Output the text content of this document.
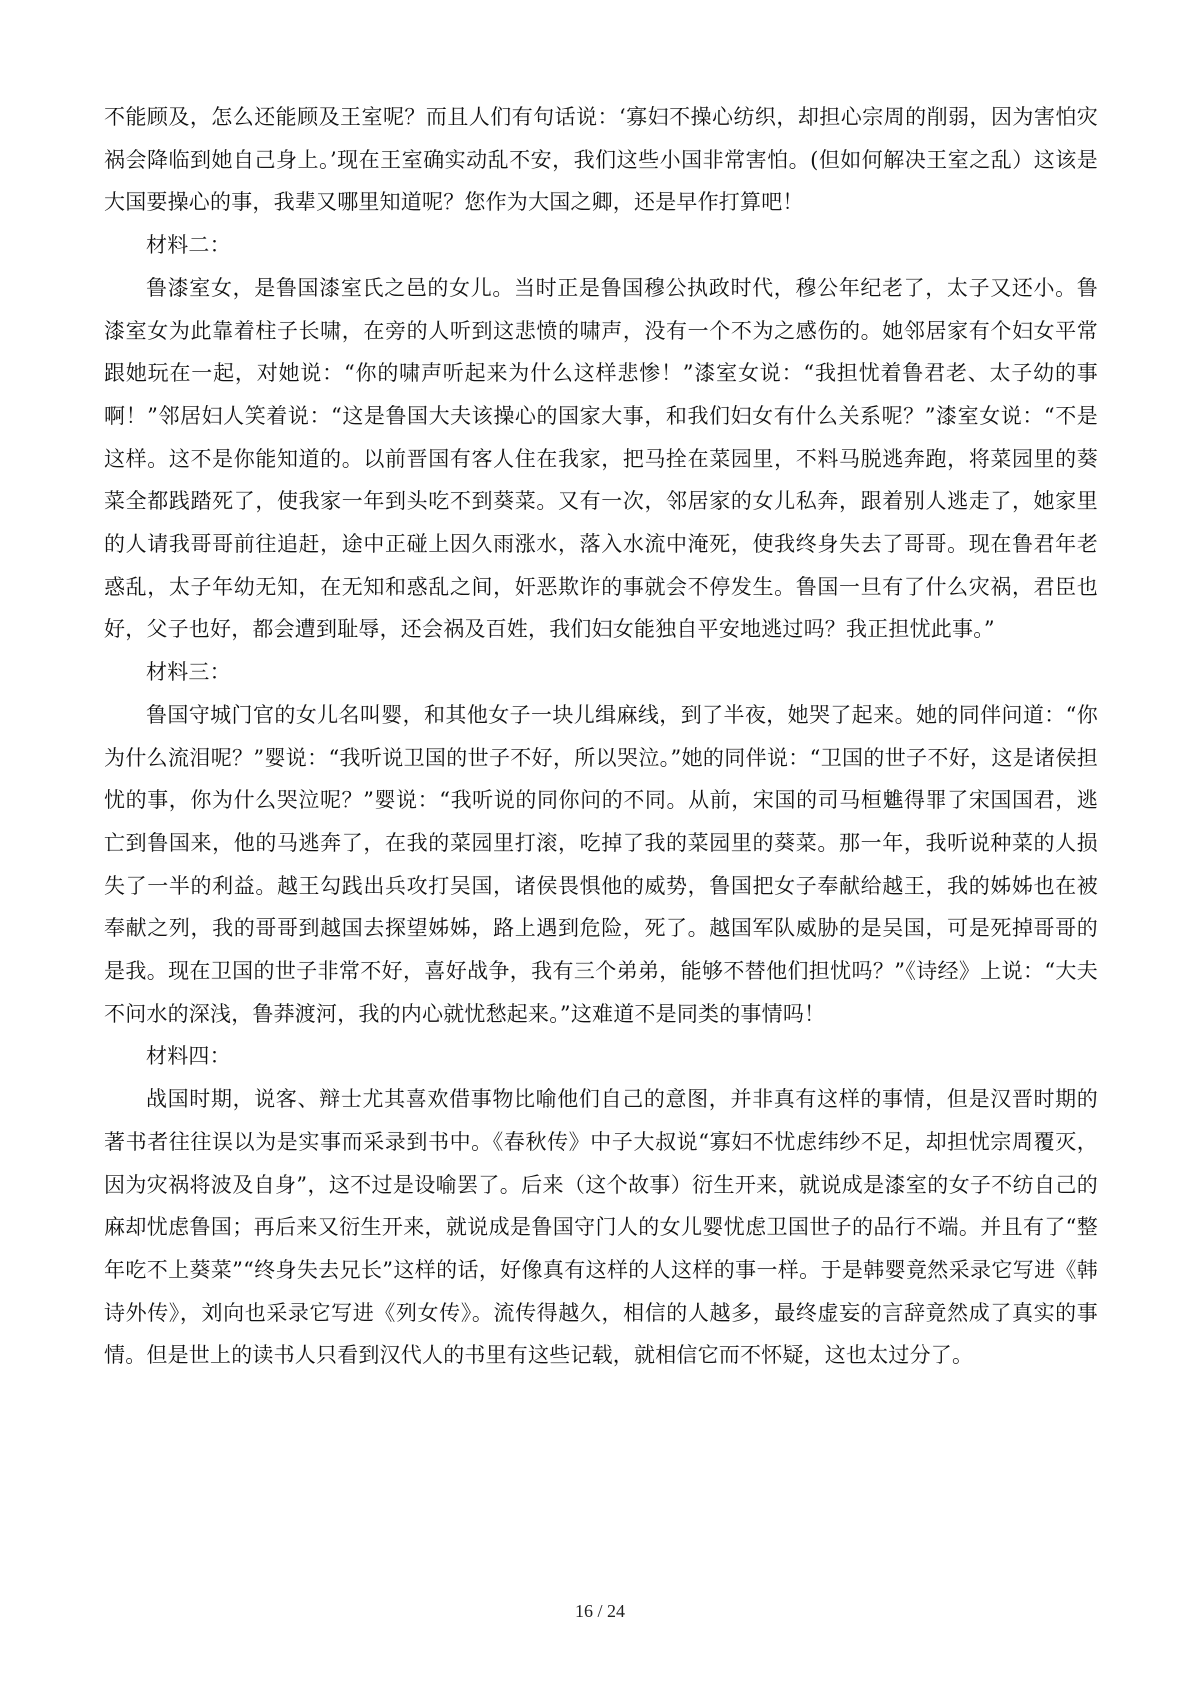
不能顾及，怎么还能顾及王室呢？而且人们有句话说：‘寡妇不操心纺织，却担心宗周的削弱，因为害怕灾祸会降临到她自己身上。’现在王室确实动乱不安，我们这些小国非常害怕。(但如何解决王室之乱）这该是大国要操心的事，我辈又哪里知道呢？您作为大国之卿，还是早作打算吧！

材料二：

鲁漆室女，是鲁国漆室氏之邑的女儿。当时正是鲁国穆公执政时代，穆公年纪老了，太子又还小。鲁漆室女为此靠着柱子长啸，在旁的人听到这悲愤的啸声，没有一个不为之感伤的。她邻居家有个妇女平常跟她玩在一起，对她说：“你的啸声听起来为什么这样悲惨！”漆室女说：“我担忧着鲁君老、太子幼的事啊！”邻居妇人笑着说：“这是鲁国大夫该操心的国家大事，和我们妇女有什么关系呢？”漆室女说：“不是这样。这不是你能知道的。以前晋国有客人住在我家，把马拴在菜园里，不料马脱逃奔跑，将菜园里的葵菜全都践踏死了，使我家一年到头吃不到葵菜。又有一次，邻居家的女儿私奔，跟着别人逃走了，她家里的人请我哥哥前往追赶，途中正碰上因久雨涨水，落入水流中淹死，使我终身失去了哥哥。现在鲁君年老惑乱，太子年幼无知，在无知和惑乱之间，奸恶欺诈的事就会不停发生。鲁国一旦有了什么灾祸，君臣也好，父子也好，都会遭到耻辱，还会祸及百姓，我们妇女能独自平安地逃过吗？我正担忧此事。”

材料三：

鲁国守城门官的女儿名叫婴，和其他女子一块儿缉麻线，到了半夜，她哭了起来。她的同伴问道：“你为什么流泪呢？”婴说：“我听说卫国的世子不好，所以哭泣。”她的同伴说：“卫国的世子不好，这是诸侯担忧的事，你为什么哭泣呢？”婴说：“我听说的同你问的不同。从前，宋国的司马桓魋得罪了宋国国君，逃亡到鲁国来，他的马逃奔了，在我的菜园里打滚，吃掉了我的菜园里的葵菜。那一年，我听说种菜的人损失了一半的利益。越王勾践出兵攻打吴国，诸侯畏惧他的威势，鲁国把女子奉献给越王，我的姊姊也在被奉献之列，我的哥哥到越国去探望姊姊，路上遇到危险，死了。越国军队威胁的是吴国，可是死掉哥哥的是我。现在卫国的世子非常不好，喜好战争，我有三个弟弟，能够不替他们担忧吗？”《诗经》上说：“大夫不问水的深浅，鲁莽渡河，我的内心就忧愁起来。”这难道不是同类的事情吗！

材料四：

战国时期，说客、辩士尤其喜欢借事物比喻他们自己的意图，并非真有这样的事情，但是汉晋时期的著书者往往误以为是实事而采录到书中。《春秋传》中子大叔说“寡妇不忧虑纬纱不足，却担忧宗周覆灭，因为灾祸将波及自身”，这不过是设喻罢了。后来（这个故事）衍生开来，就说成是漆室的女子不纺自己的麻却忧虑鲁国；再后来又衍生开来，就说成是鲁国守门人的女儿婴忧虑卫国世子的品行不端。并且有了“整年吃不上葵菜”“终身失去兄长”这样的话，好像真有这样的人这样的事一样。于是韩婴竟然采录它写进《韩诗外传》，刘向也采录它写进《列女传》。流传得越久，相信的人越多，最终虚妄的言辞竟然成了真实的事情。但是世上的读书人只看到汉代人的书里有这些记载，就相信它而不怀疑，这也太过分了。

16 / 24
